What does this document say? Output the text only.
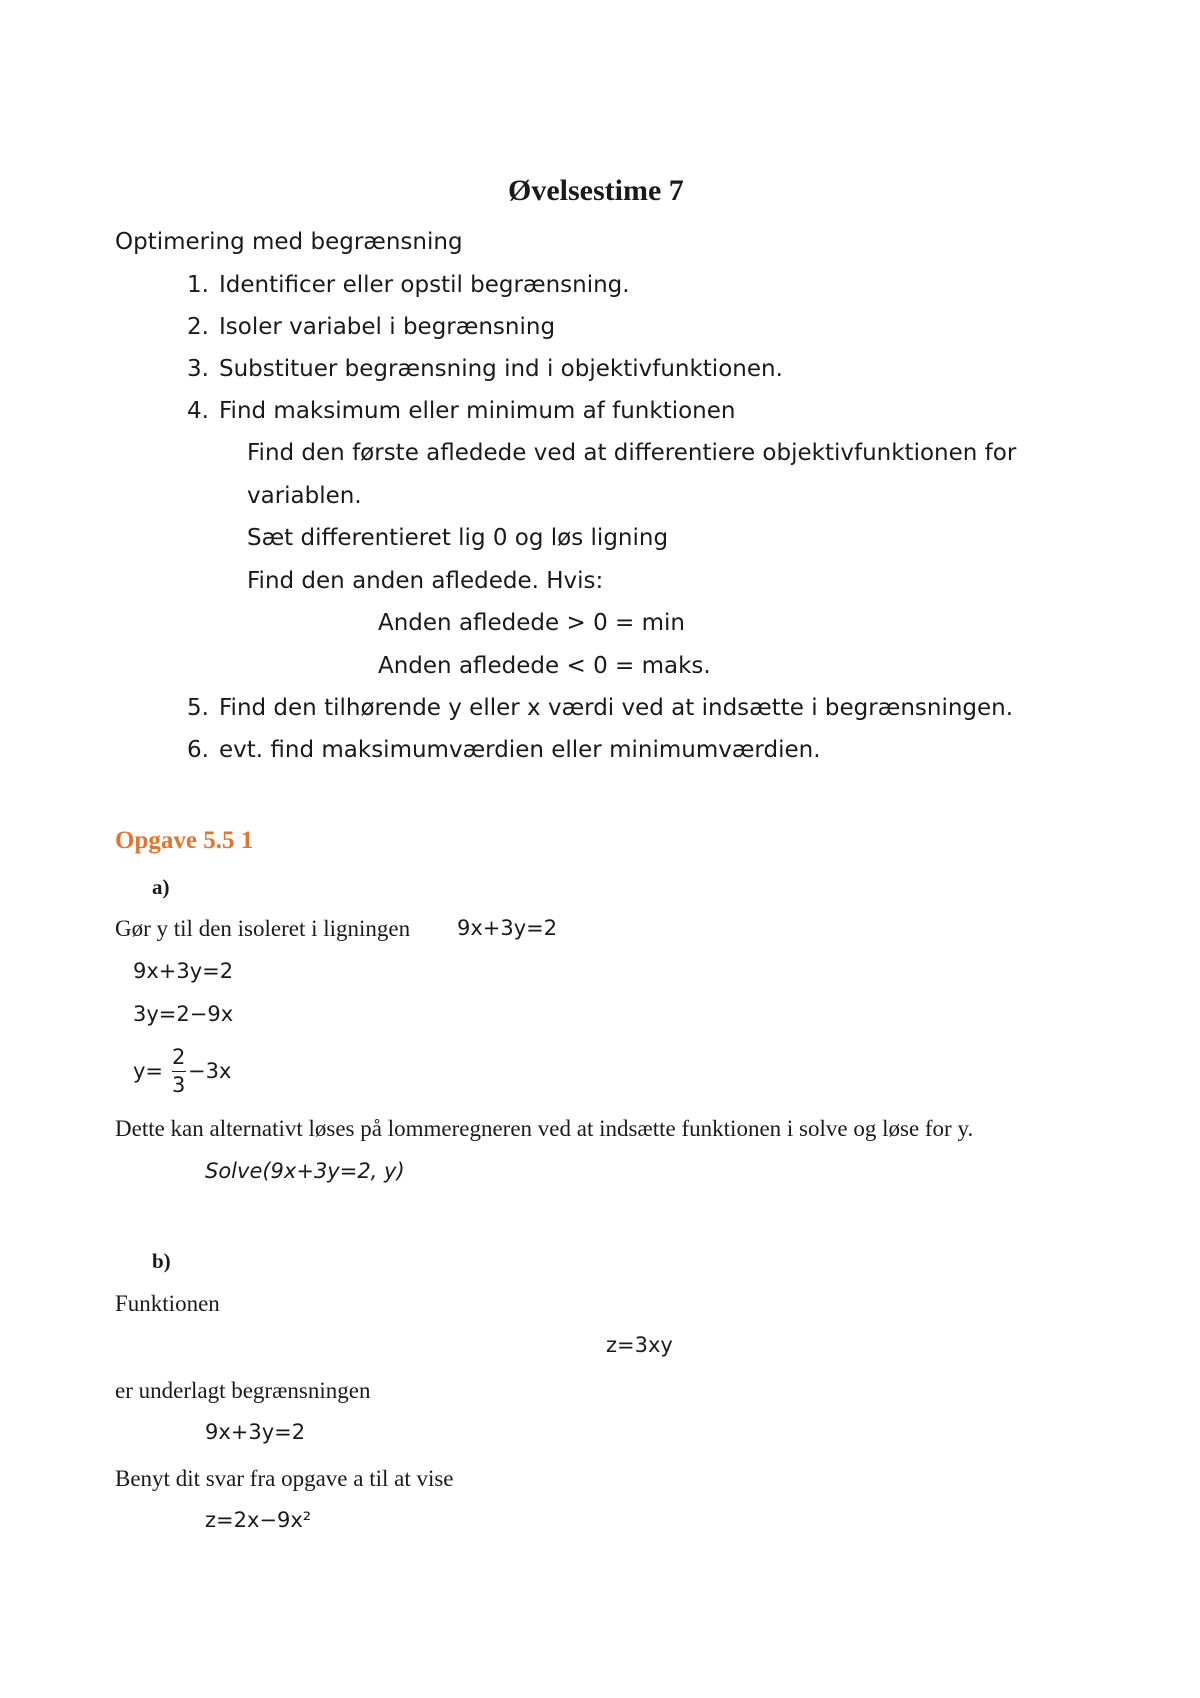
Øvelsestime 7
Optimering med begrænsning
1. Identificer eller opstil begrænsning.
2. Isoler variabel i begrænsning
3. Substituer begrænsning ind i objektivfunktionen.
4. Find maksimum eller minimum af funktionen
Find den første afledede ved at differentiere objektivfunktionen for
variablen.
Sæt differentieret lig 0 og løs ligning
Find den anden afledede. Hvis:
Anden afledede > 0 = min
Anden afledede < 0 = maks.
5. Find den tilhørende y eller x værdi ved at indsætte i begrænsningen.
6. evt. find maksimumværdien eller minimumværdien.
Opgave 5.5 1
a)
Gør y til den isoleret i ligningen 9x+3y=2
9x+3y=2
3y=2−9x
y=
2
3
−3x
Dette kan alternativt løses på lommeregneren ved at indsætte funktionen i solve og løse for y.
Solve(9x+3y=2, y)
b)
Funktionen
z=3xy
er underlagt begrænsningen
9x+3y=2
Benyt dit svar fra opgave a til at vise
z=2x−9x²
